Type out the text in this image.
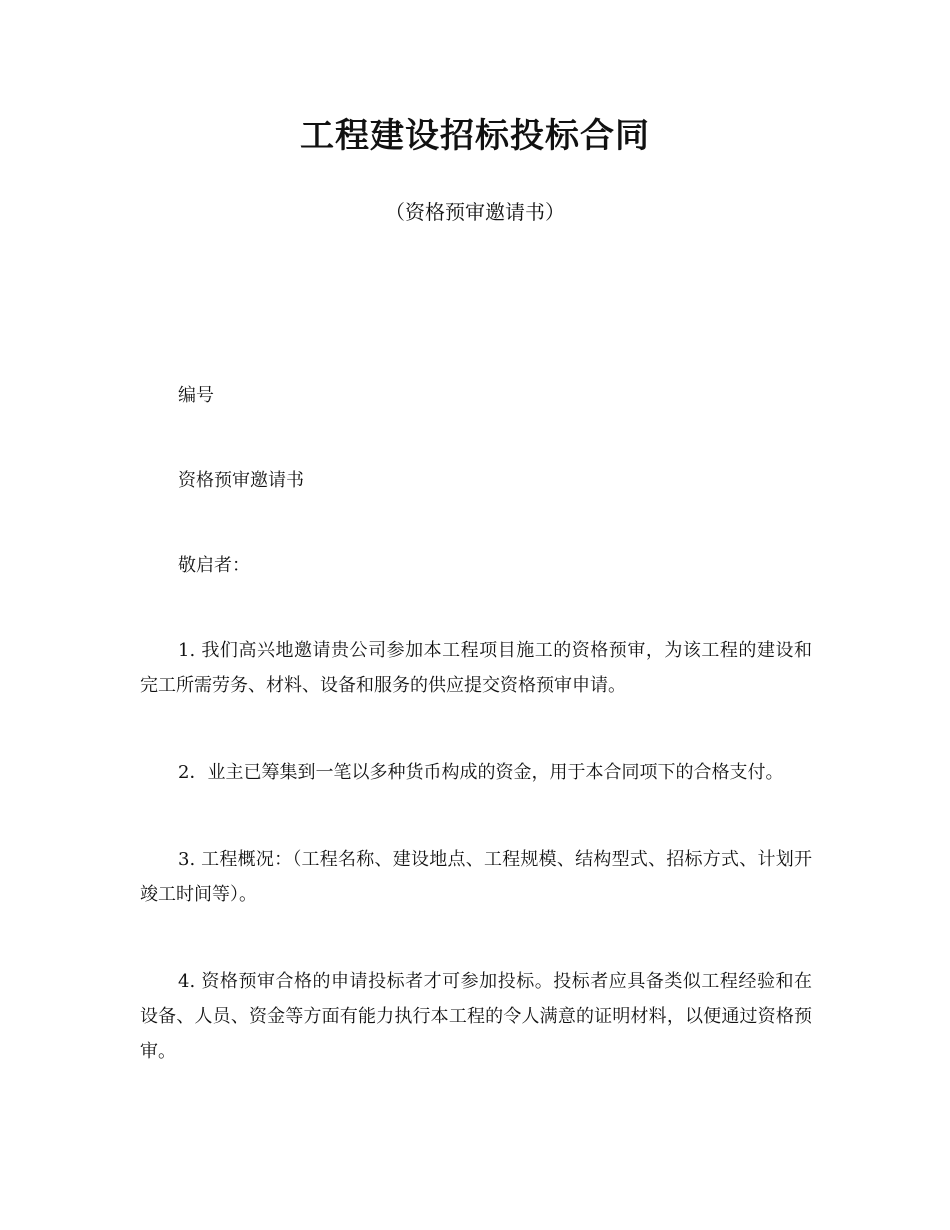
工程建设招标投标合同

（资格预审邀请书）

编号

资格预审邀请书

敬启者：

1. 我们高兴地邀请贵公司参加本工程项目施工的资格预审，为该工程的建设和完工所需劳务、材料、设备和服务的供应提交资格预审申请。

2．业主已筹集到一笔以多种货币构成的资金，用于本合同项下的合格支付。

3. 工程概况：（工程名称、建设地点、工程规模、结构型式、招标方式、计划开竣工时间等）。

4. 资格预审合格的申请投标者才可参加投标。投标者应具备类似工程经验和在设备、人员、资金等方面有能力执行本工程的令人满意的证明材料，以便通过资格预审。
